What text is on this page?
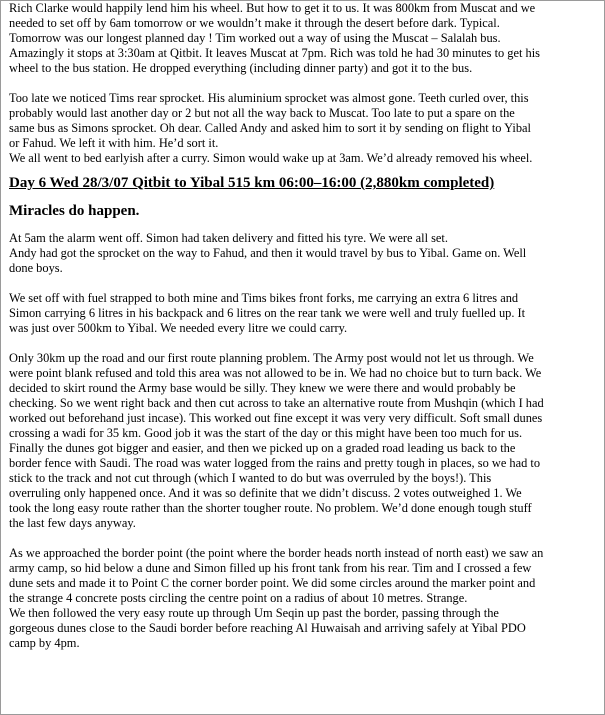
Rich Clarke would happily lend him his wheel. But how to get it to us. It was 800km from Muscat and we
needed to set off by 6am tomorrow or we wouldn’t make it through the desert before dark. Typical.
Tomorrow was our longest planned day ! Tim worked out a way of using the Muscat – Salalah bus.
Amazingly it stops at 3:30am at Qitbit. It leaves Muscat at 7pm. Rich was told he had 30 minutes to get his
wheel to the bus station. He dropped everything (including dinner party) and got it to the bus.
Too late we noticed Tims rear sprocket. His aluminium sprocket was almost gone. Teeth curled over, this
probably would last another day or 2 but not all the way back to Muscat. Too late to put a spare on the
same bus as Simons sprocket. Oh dear. Called Andy and asked him to sort it by sending on flight to Yibal
or Fahud. We left it with him. He’d sort it.
We all went to bed earlyish after a curry. Simon would wake up at 3am. We’d already removed his wheel.
Day 6 Wed 28/3/07 Qitbit to Yibal 515 km 06:00–16:00 (2,880km completed)
Miracles do happen.
At 5am the alarm went off. Simon had taken delivery and fitted his tyre. We were all set.
Andy had got the sprocket on the way to Fahud, and then it would travel by bus to Yibal. Game on. Well
done boys.
We set off with fuel strapped to both mine and Tims bikes front forks, me carrying an extra 6 litres and
Simon carrying 6 litres in his backpack and 6 litres on the rear tank we were well and truly fuelled up. It
was just over 500km to Yibal. We needed every litre we could carry.
Only 30km up the road and our first route planning problem. The Army post would not let us through. We
were point blank refused and told this area was not allowed to be in. We had no choice but to turn back. We
decided to skirt round the Army base would be silly. They knew we were there and would probably be
checking. So we went right back and then cut across to take an alternative route from Mushqin (which I had
worked out beforehand just incase). This worked out fine except it was very very difficult. Soft small dunes
crossing a wadi for 35 km. Good job it was the start of the day or this might have been too much for us.
Finally the dunes got bigger and easier, and then we picked up on a graded road leading us back to the
border fence with Saudi. The road was water logged from the rains and pretty tough in places, so we had to
stick to the track and not cut through (which I wanted to do but was overruled by the boys!). This
overruling only happened once. And it was so definite that we didn’t discuss. 2 votes outweighed 1. We
took the long easy route rather than the shorter tougher route. No problem. We’d done enough tough stuff
the last few days anyway.
As we approached the border point (the point where the border heads north instead of north east) we saw an
army camp, so hid below a dune and Simon filled up his front tank from his rear. Tim and I crossed a few
dune sets and made it to Point C the corner border point. We did some circles around the marker point and
the strange 4 concrete posts circling the centre point on a radius of about 10 metres. Strange.
We then followed the very easy route up through Um Seqin up past the border, passing through the
gorgeous dunes close to the Saudi border before reaching Al Huwaisah and arriving safely at Yibal PDO
camp by 4pm.
